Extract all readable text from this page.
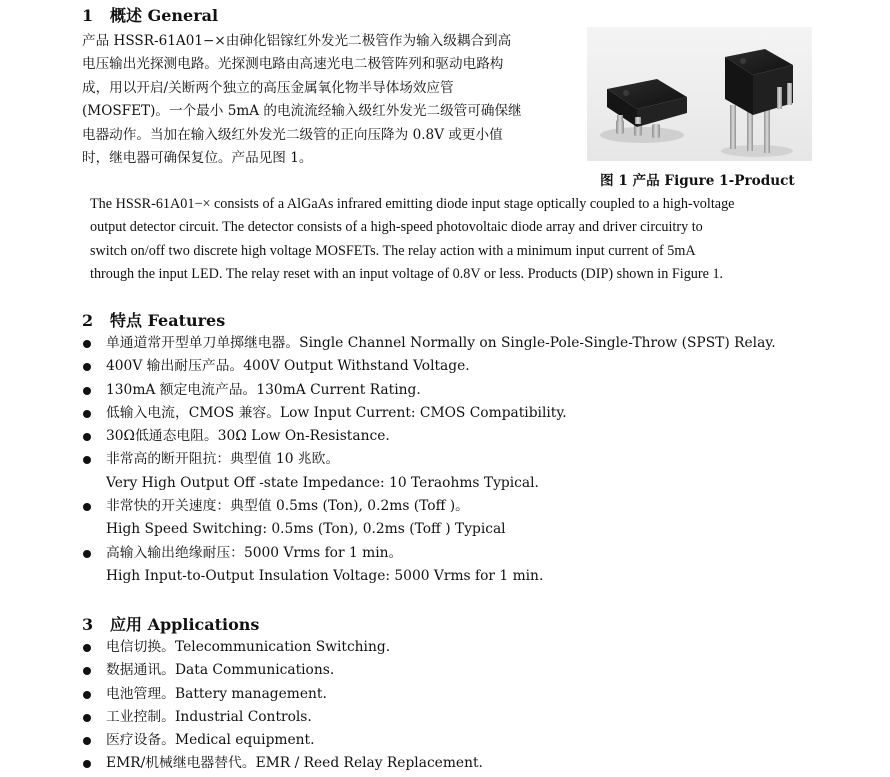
1 概述 General
产品 HSSR-61A01−×由砷化铝镓红外发光二极管作为输入级耦合到高
电压输出光探测电路。光探测电路由高速光电二极管阵列和驱动电路构
成，用以开启/关断两个独立的高压金属氧化物半导体场效应管
(MOSFET)。一个最小 5mA 的电流流经输入级红外发光二级管可确保继
电器动作。当加在输入级红外发光二级管的正向压降为 0.8V 或更小值
时，继电器可确保复位。产品见图 1。
图 1 产品 Figure 1-Product
The HSSR-61A01−× consists of a AlGaAs infrared emitting diode input stage optically coupled to a high-voltage
output detector circuit. The detector consists of a high-speed photovoltaic diode array and driver circuitry to
switch on/off two discrete high voltage MOSFETs. The relay action with a minimum input current of 5mA
through the input LED. The relay reset with an input voltage of 0.8V or less. Products (DIP) shown in Figure 1.
2 特点 Features
单通道常开型单刀单掷继电器。Single Channel Normally on Single-Pole-Single-Throw (SPST) Relay.
400V 输出耐压产品。400V Output Withstand Voltage.
130mA 额定电流产品。130mA Current Rating.
低输入电流，CMOS 兼容。Low Input Current: CMOS Compatibility.
30Ω低通态电阻。30Ω Low On-Resistance.
非常高的断开阻抗：典型值 10 兆欧。
Very High Output Off -state Impedance: 10 Teraohms Typical.
非常快的开关速度：典型值 0.5ms (Ton), 0.2ms (Toff )。
High Speed Switching: 0.5ms (Ton), 0.2ms (Toff ) Typical
高输入输出绝缘耐压：5000 Vrms for 1 min。
High Input-to-Output Insulation Voltage: 5000 Vrms for 1 min.
3 应用 Applications
电信切换。Telecommunication Switching.
数据通讯。Data Communications.
电池管理。Battery management.
工业控制。Industrial Controls.
医疗设备。Medical equipment.
EMR/机械继电器替代。EMR / Reed Relay Replacement.
